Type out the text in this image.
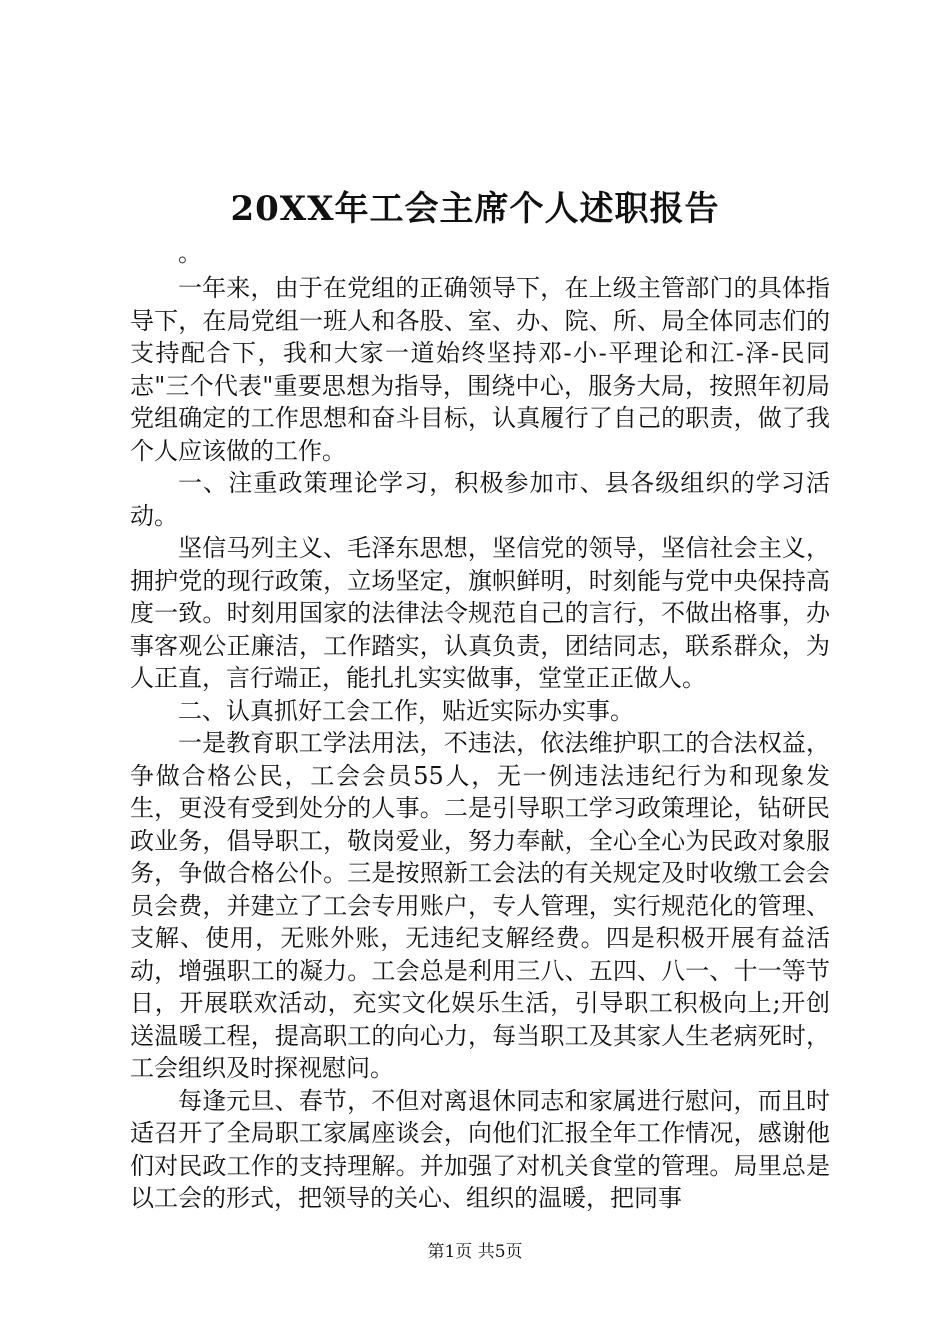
20XX年工会主席个人述职报告

。

一年来，由于在党组的正确领导下，在上级主管部门的具体指导下，在局党组一班人和各股、室、办、院、所、局全体同志们的支持配合下，我和大家一道始终坚持邓-小-平理论和江-泽-民同志"三个代表"重要思想为指导，围绕中心，服务大局，按照年初局党组确定的工作思想和奋斗目标，认真履行了自己的职责，做了我个人应该做的工作。

一、注重政策理论学习，积极参加市、县各级组织的学习活动。

坚信马列主义、毛泽东思想，坚信党的领导，坚信社会主义，拥护党的现行政策，立场坚定，旗帜鲜明，时刻能与党中央保持高度一致。时刻用国家的法律法令规范自己的言行，不做出格事，办事客观公正廉洁，工作踏实，认真负责，团结同志，联系群众，为人正直，言行端正，能扎扎实实做事，堂堂正正做人。

二、认真抓好工会工作，贴近实际办实事。

一是教育职工学法用法，不违法，依法维护职工的合法权益，争做合格公民，工会会员55人，无一例违法违纪行为和现象发生，更没有受到处分的人事。二是引导职工学习政策理论，钻研民政业务，倡导职工，敬岗爱业，努力奉献，全心全心为民政对象服务，争做合格公仆。三是按照新工会法的有关规定及时收缴工会会员会费，并建立了工会专用账户，专人管理，实行规范化的管理、支解、使用，无账外账，无违纪支解经费。四是积极开展有益活动，增强职工的凝力。工会总是利用三八、五四、八一、十一等节日，开展联欢活动，充实文化娱乐生活，引导职工积极向上;开创送温暖工程，提高职工的向心力，每当职工及其家人生老病死时，工会组织及时探视慰问。

每逢元旦、春节，不但对离退休同志和家属进行慰问，而且时适召开了全局职工家属座谈会，向他们汇报全年工作情况，感谢他们对民政工作的支持理解。并加强了对机关食堂的管理。局里总是以工会的形式，把领导的关心、组织的温暖，把同事

第1页 共5页
